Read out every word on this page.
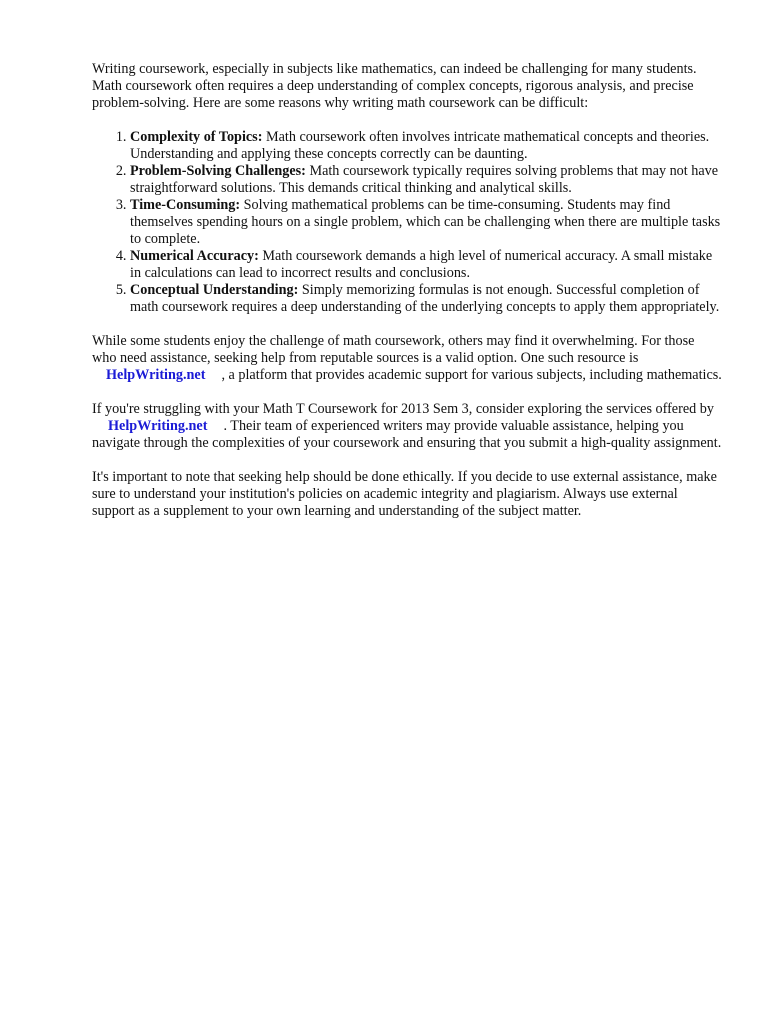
Writing coursework, especially in subjects like mathematics, can indeed be challenging for many students. Math coursework often requires a deep understanding of complex concepts, rigorous analysis, and precise problem-solving. Here are some reasons why writing math coursework can be difficult:

1. Complexity of Topics: Math coursework often involves intricate mathematical concepts and theories. Understanding and applying these concepts correctly can be daunting.
2. Problem-Solving Challenges: Math coursework typically requires solving problems that may not have straightforward solutions. This demands critical thinking and analytical skills.
3. Time-Consuming: Solving mathematical problems can be time-consuming. Students may find themselves spending hours on a single problem, which can be challenging when there are multiple tasks to complete.
4. Numerical Accuracy: Math coursework demands a high level of numerical accuracy. A small mistake in calculations can lead to incorrect results and conclusions.
5. Conceptual Understanding: Simply memorizing formulas is not enough. Successful completion of math coursework requires a deep understanding of the underlying concepts to apply them appropriately.

While some students enjoy the challenge of math coursework, others may find it overwhelming. For those who need assistance, seeking help from reputable sources is a valid option. One such resource isHelpWriting.net , a platform that provides academic support for various subjects, including mathematics.

If you're struggling with your Math T Coursework for 2013 Sem 3, consider exploring the services offered byHelpWriting.net . Their team of experienced writers may provide valuable assistance, helping you navigate through the complexities of your coursework and ensuring that you submit a high-quality assignment.

It's important to note that seeking help should be done ethically. If you decide to use external assistance, make sure to understand your institution's policies on academic integrity and plagiarism. Always use external support as a supplement to your own learning and understanding of the subject matter.
